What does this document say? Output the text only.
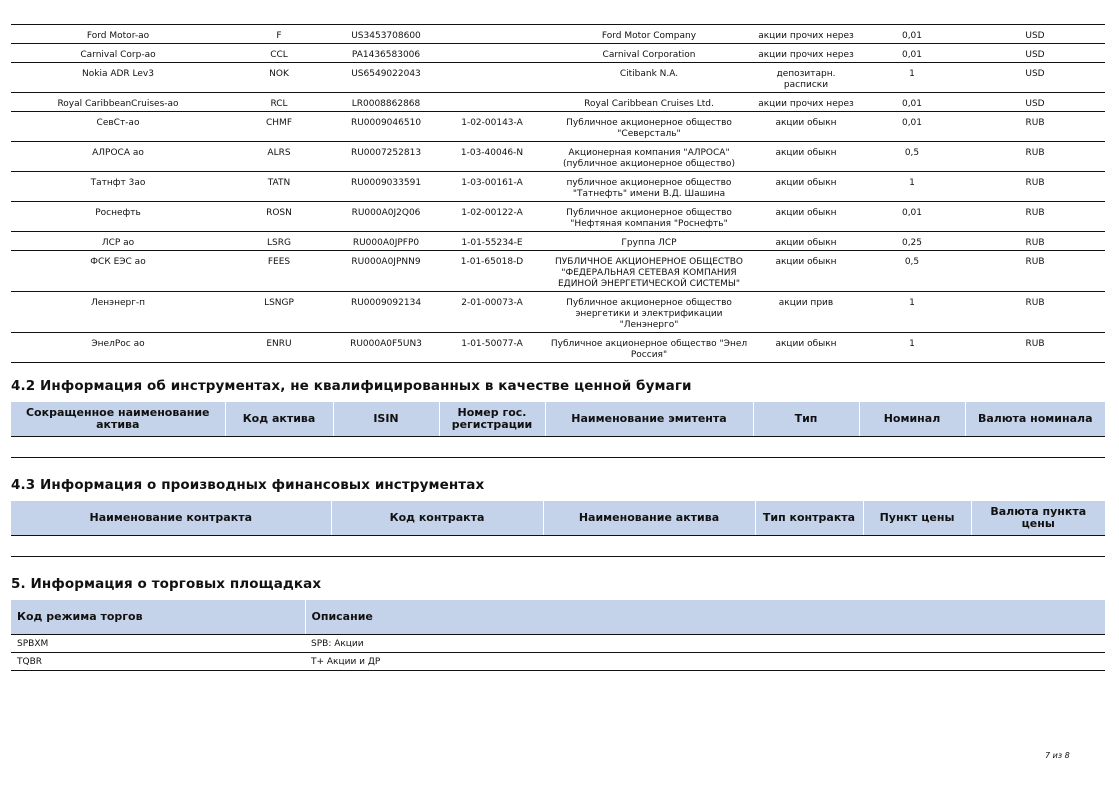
Ford Motor-ао	F	US3453708600		Ford Motor Company	акции прочих нерез	0,01	USD
Carnival Corp-ао	CCL	PA1436583006		Carnival Corporation	акции прочих нерез	0,01	USD
Nokia ADR Lev3	NOK	US6549022043		Citibank N.A.	депозитарн. расписки	1	USD
Royal CaribbeanCruises-ао	RCL	LR0008862868		Royal Caribbean Cruises Ltd.	акции прочих нерез	0,01	USD
СевСт-ао	CHMF	RU0009046510	1-02-00143-A	Публичное акционерное общество "Северсталь"	акции обыкн	0,01	RUB
АЛРОСА ао	ALRS	RU0007252813	1-03-40046-N	Акционерная компания "АЛРОСА" (публичное акционерное общество)	акции обыкн	0,5	RUB
Татнфт 3ао	TATN	RU0009033591	1-03-00161-A	публичное акционерное общество "Татнефть" имени В.Д. Шашина	акции обыкн	1	RUB
Роснефть	ROSN	RU000A0J2Q06	1-02-00122-A	Публичное акционерное общество "Нефтяная компания "Роснефть"	акции обыкн	0,01	RUB
ЛСР ао	LSRG	RU000A0JPFP0	1-01-55234-E	Группа ЛСР	акции обыкн	0,25	RUB
ФСК ЕЭС ао	FEES	RU000A0JPNN9	1-01-65018-D	ПУБЛИЧНОЕ АКЦИОНЕРНОЕ ОБЩЕСТВО "ФЕДЕРАЛЬНАЯ СЕТЕВАЯ КОМПАНИЯ ЕДИНОЙ ЭНЕРГЕТИЧЕСКОЙ СИСТЕМЫ"	акции обыкн	0,5	RUB
Ленэнерг-п	LSNGP	RU0009092134	2-01-00073-A	Публичное акционерное общество энергетики и электрификации "Ленэнерго"	акции прив	1	RUB
ЭнелРос ао	ENRU	RU000A0F5UN3	1-01-50077-A	Публичное акционерное общество "Энел Россия"	акции обыкн	1	RUB
4.2 Информация об инструментах, не квалифицированных в качестве ценной бумаги
Сокращенное наименование актива	Код актива	ISIN	Номер гос. регистрации	Наименование эмитента	Тип	Номинал	Валюта номинала

4.3 Информация о производных финансовых инструментах
Наименование контракта	Код контракта	Наименование актива	Тип контракта	Пункт цены	Валюта пункта цены

5. Информация о торговых площадках
Код режима торгов	Описание

SPBXM	SPB: Акции
TQBR	T+ Акции и ДР
7 из 8
